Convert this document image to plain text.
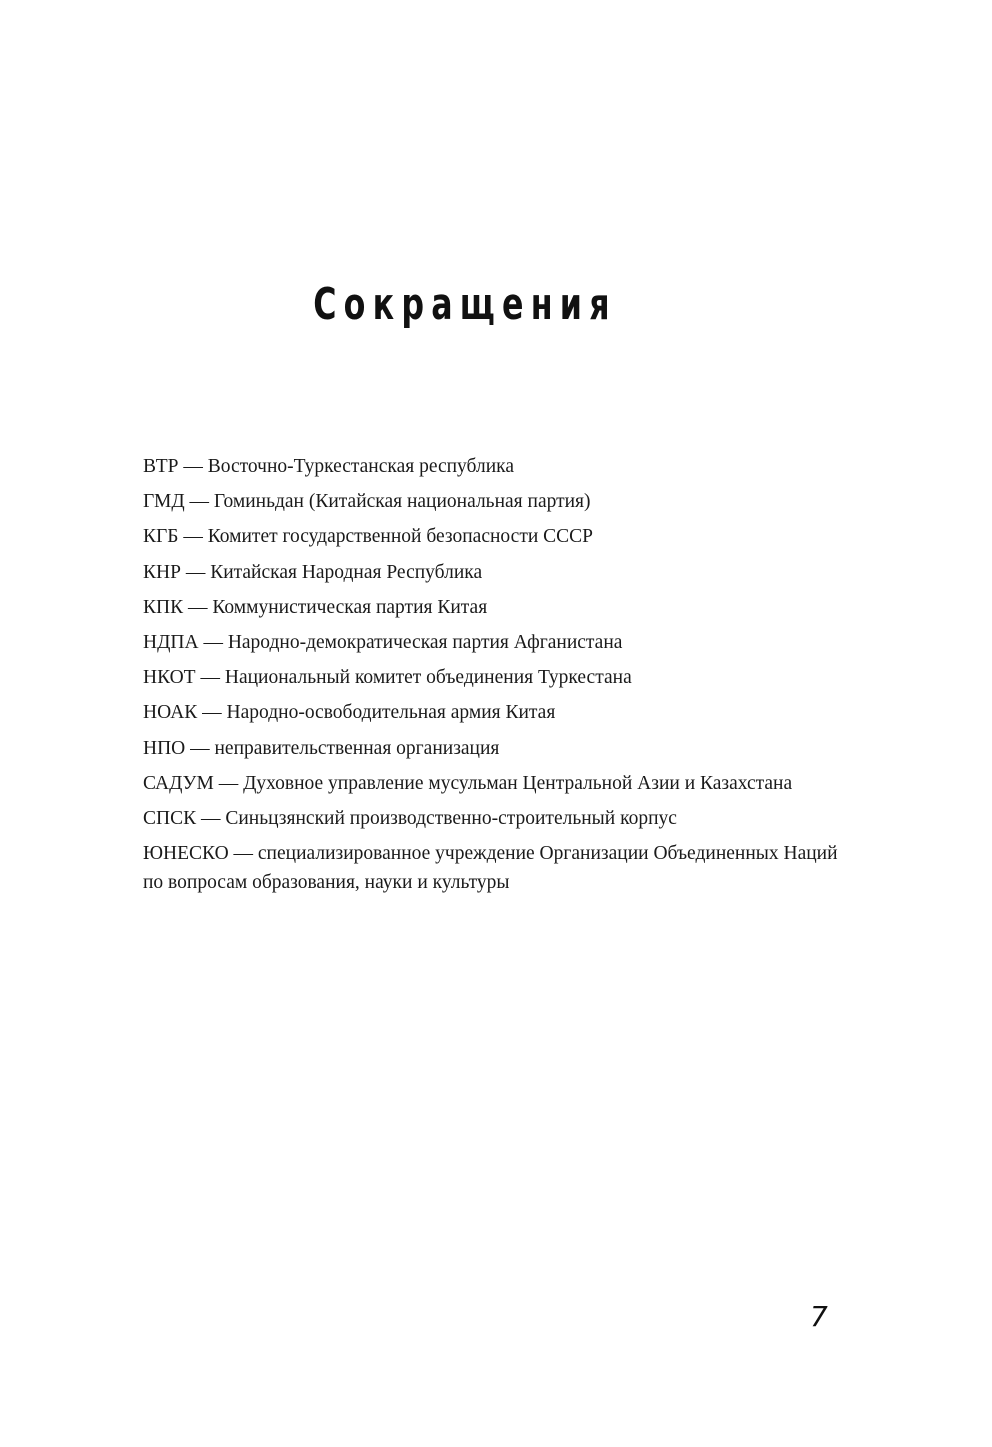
Сокращения
ВТР — Восточно-Туркестанская республика
ГМД — Гоминьдан (Китайская национальная партия)
КГБ — Комитет государственной безопасности СССР
КНР — Китайская Народная Республика
КПК — Коммунистическая партия Китая
НДПА — Народно-демократическая партия Афганистана
НКОТ — Национальный комитет объединения Туркестана
НОАК — Народно-освободительная армия Китая
НПО — неправительственная организация
САДУМ — Духовное управление мусульман Центральной Азии и Казахстана
СПСК — Синьцзянский производственно-строительный корпус
ЮНЕСКО — специализированное учреждение Организации Объединенных Наций по вопросам образования, науки и культуры
7
